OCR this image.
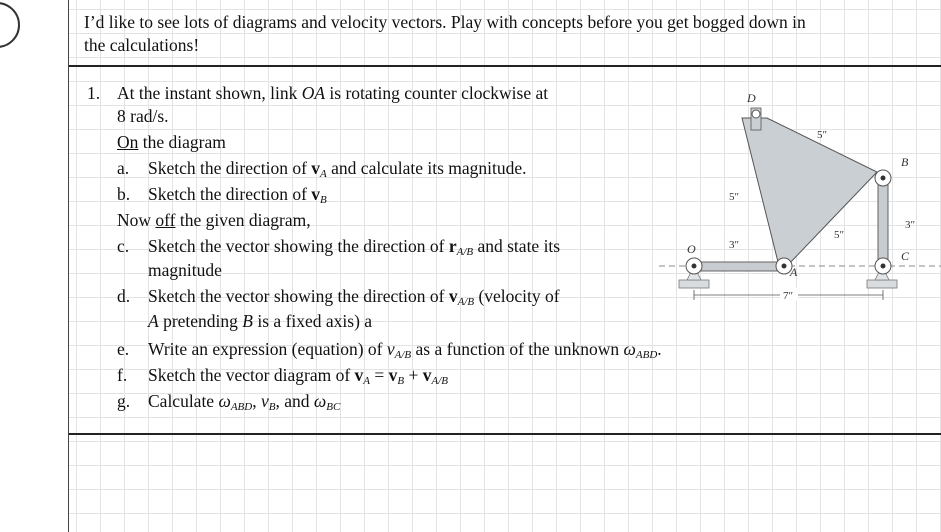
I’d like to see lots of diagrams and velocity vectors. Play with concepts before you get bogged down in
the calculations!
1. At the instant shown, link OA is rotating counter clockwise at
8 rad/s.
On the diagram
a. Sketch the direction of $v_A$ and calculate its magnitude.
b. Sketch the direction of $v_B$
Now off the given diagram,
c. Sketch the vector showing the direction of $r_{A/B}$ and state its
magnitude
d. Sketch the vector showing the direction of $v_{A/B}$ (velocity of
A pretending B is a fixed axis) a
e. Write an expression (equation) of $v_{A/B}$ as a function of the unknown $\omega_{ABD}$.
f. Sketch the vector diagram of $v_A = v_B + v_{A/B}$
g. Calculate $\omega_{ABD}$, $v_B$, and $\omega_{BC}$
D
B
O
A
C
5″
5″
5″
3″
3″
7″
